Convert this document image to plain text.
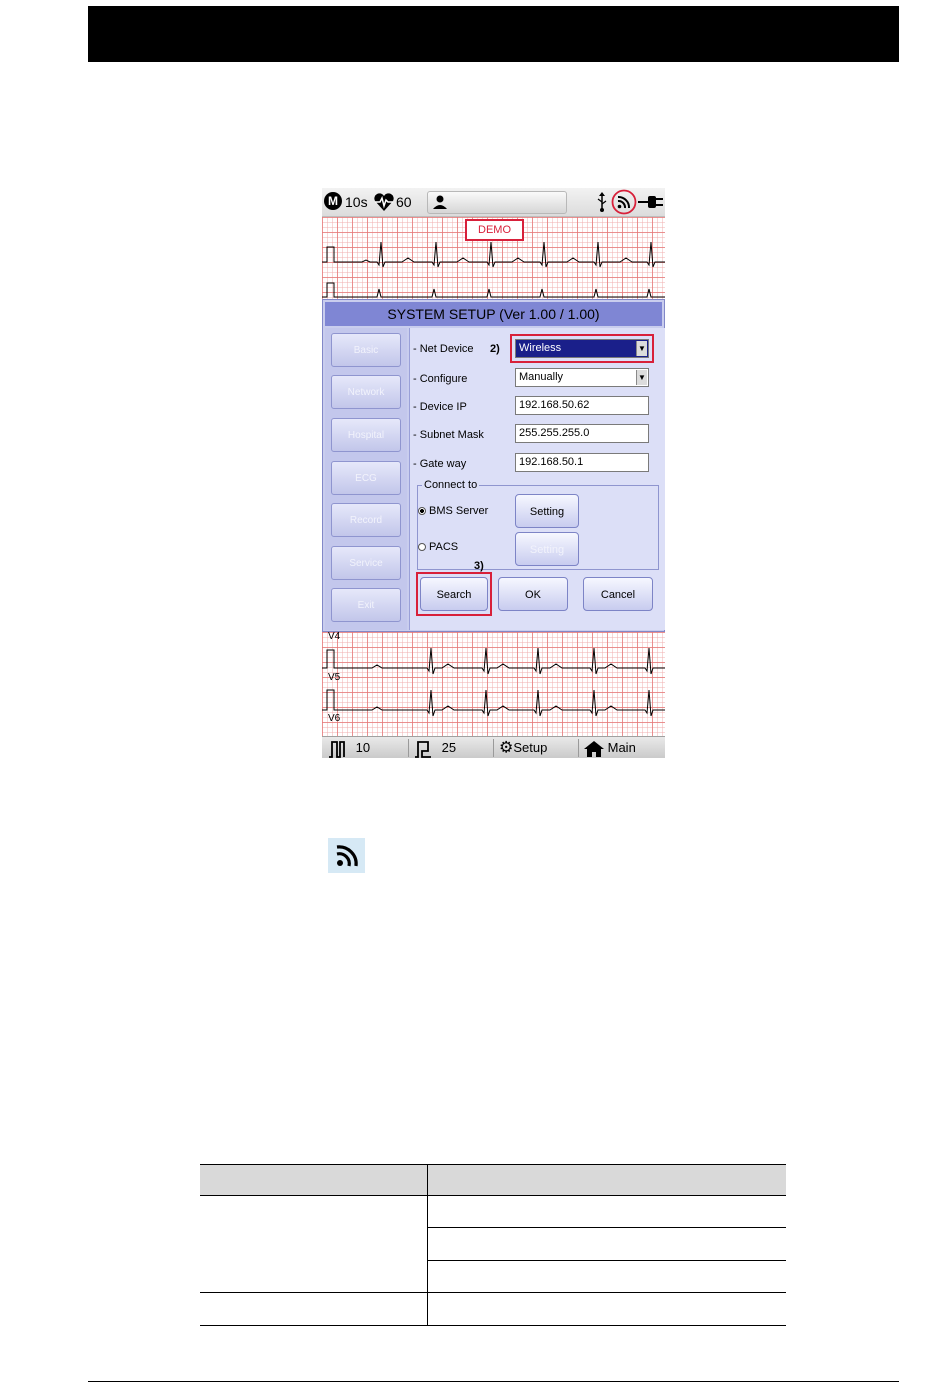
M 10s 60
DEMO
SYSTEM SETUP (Ver 1.00 / 1.00)
Basic
Network
Hospital
ECG
Record
Service
Exit
- Net Device 2)	Wireless	▼
- Configure	Manually	▼
- Device IP	192.168.50.62
- Subnet Mask	255.255.255.0
- Gate way	192.168.50.1
Connect to
BMS Server	Setting
PACS	Setting
3)
Search	OK	Cancel
V4
V5
V6
10	25	⚙Setup	Main
